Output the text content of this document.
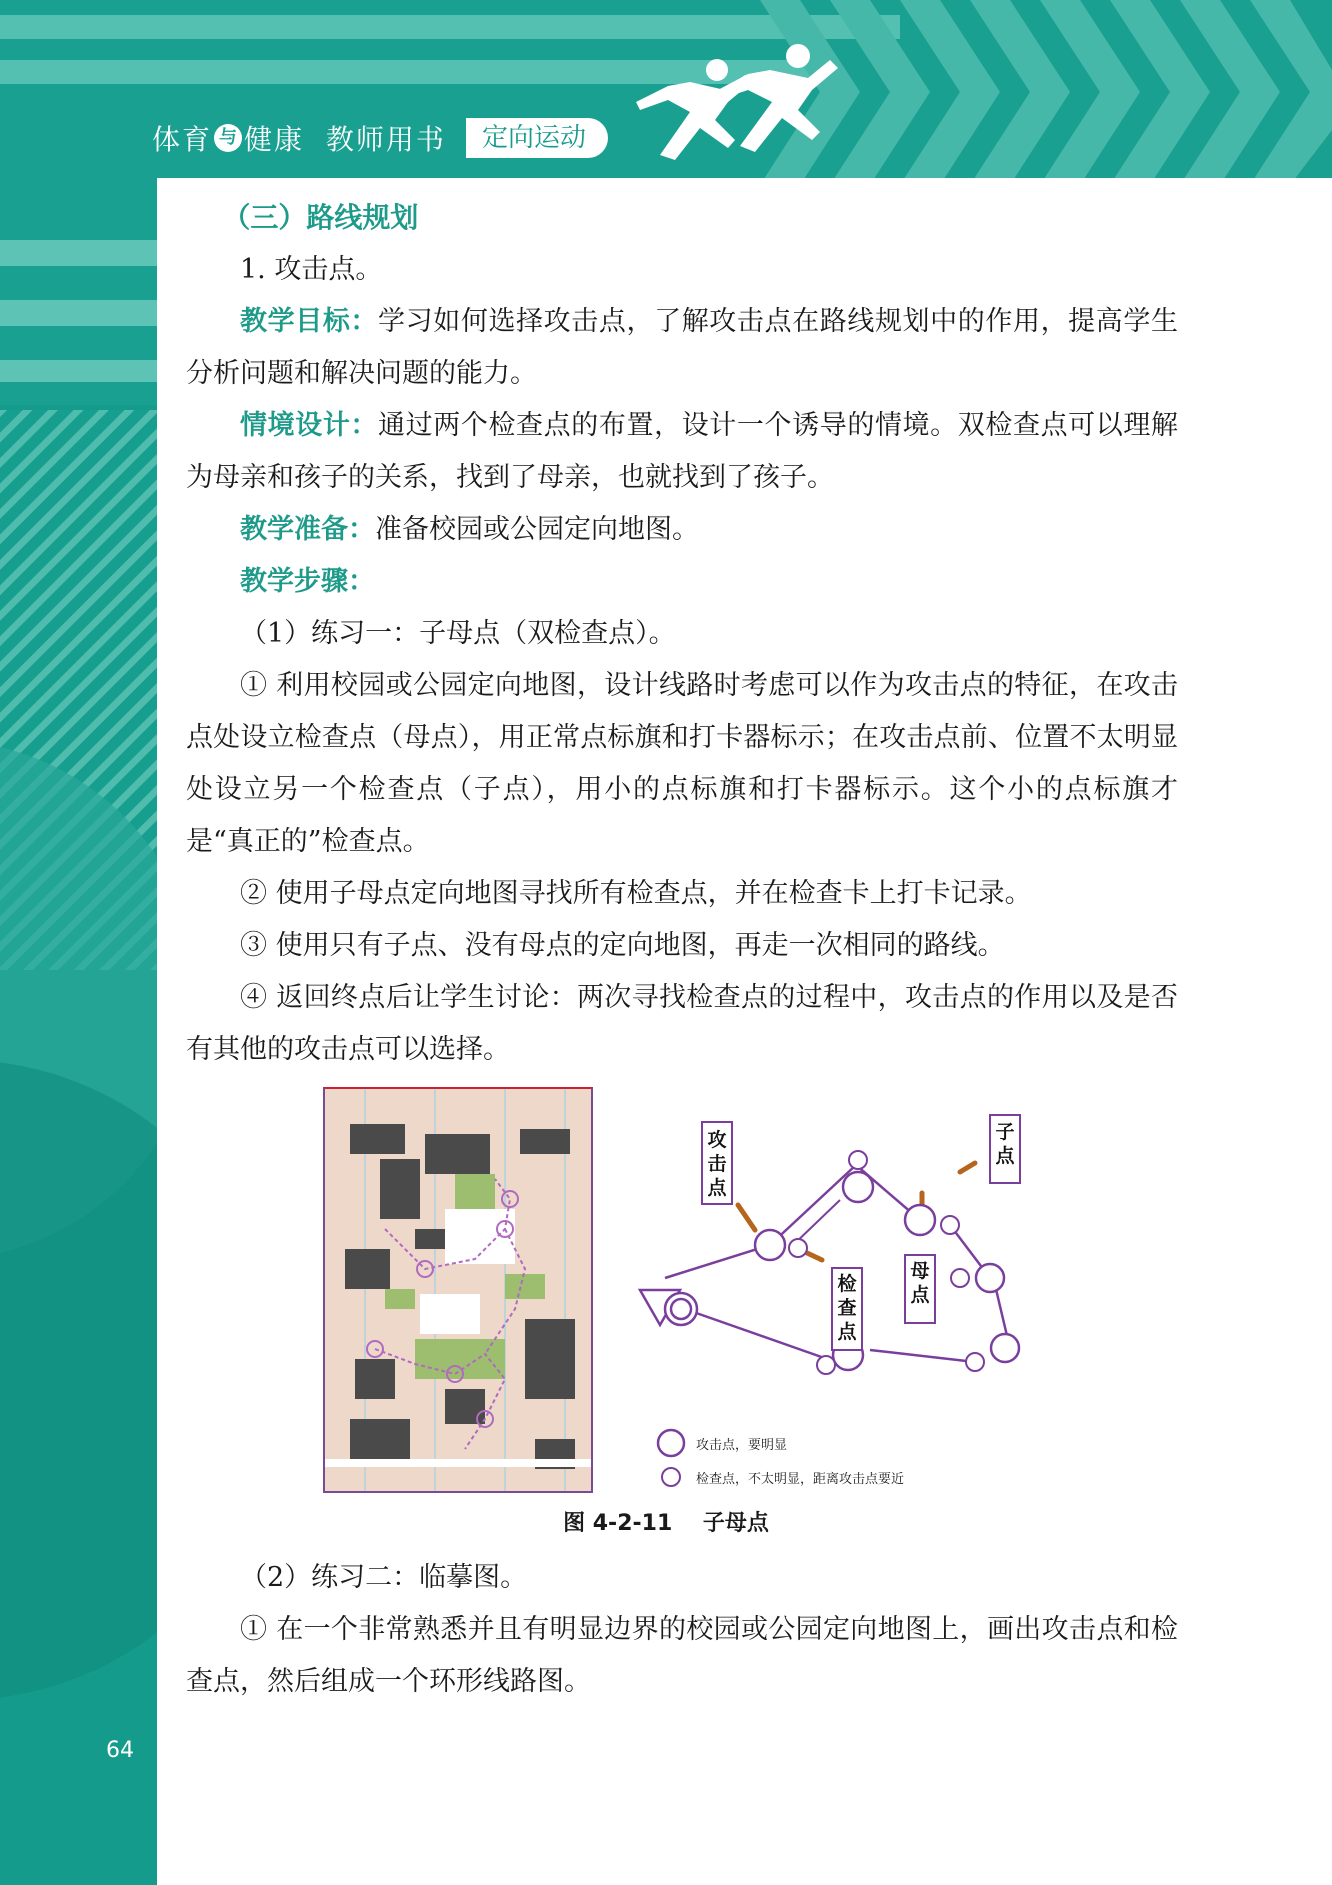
体育 与 健康  教师用书	定向运动

（三）路线规划

1. 攻击点。

教学目标：学习如何选择攻击点，了解攻击点在路线规划中的作用，提高学生分析问题和解决问题的能力。

情境设计：通过两个检查点的布置，设计一个诱导的情境。双检查点可以理解为母亲和孩子的关系，找到了母亲，也就找到了孩子。

教学准备：准备校园或公园定向地图。

教学步骤：

（1）练习一：子母点（双检查点）。

① 利用校园或公园定向地图，设计线路时考虑可以作为攻击点的特征，在攻击点处设立检查点（母点），用正常点标旗和打卡器标示；在攻击点前、位置不太明显处设立另一个检查点（子点），用小的点标旗和打卡器标示。这个小的点标旗才是“真正的”检查点。

② 使用子母点定向地图寻找所有检查点，并在检查卡上打卡记录。

③ 使用只有子点、没有母点的定向地图，再走一次相同的路线。

④ 返回终点后让学生讨论：两次寻找检查点的过程中，攻击点的作用以及是否有其他的攻击点可以选择。

攻击点
子点
检查点
母点
攻击点，要明显
检查点，不太明显，距离攻击点要近
图 4-2-11    子母点

（2）练习二：临摹图。

① 在一个非常熟悉并且有明显边界的校园或公园定向地图上，画出攻击点和检查点，然后组成一个环形线路图。

64
